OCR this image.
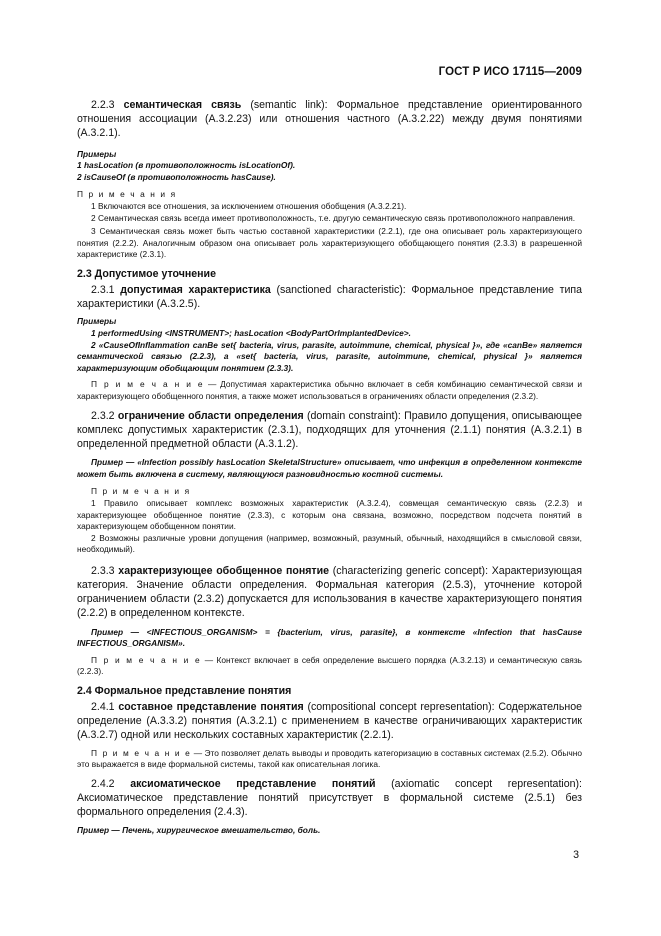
ГОСТ Р ИСО 17115—2009

2.2.3 семантическая связь (semantic link): Формальное представление ориентированного отношения ассоциации (A.3.2.23) или отношения частного (A.3.2.22) между двумя понятиями (A.3.2.1).

Примеры

1 hasLocation (в противоположность isLocationOf).

2 isCauseOf (в противоположность hasCause).

П р и м е ч а н и я

1 Включаются все отношения, за исключением отношения обобщения (A.3.2.21).

2 Семантическая связь всегда имеет противоположность, т.е. другую семантическую связь противоположного направления.

3 Семантическая связь может быть частью составной характеристики (2.2.1), где она описывает роль характеризующего понятия (2.2.2). Аналогичным образом она описывает роль характеризующего обобщающего понятия (2.3.3) в разрешенной характеристике (2.3.1).

2.3 Допустимое уточнение

2.3.1 допустимая характеристика (sanctioned characteristic): Формальное представление типа характеристики (A.3.2.5).

Примеры

1 performedUsing <INSTRUMENT>; hasLocation <BodyPartOrImplantedDevice>.

2 «CauseOfInflammation canBe set{ bacteria, virus, parasite, autoimmune, chemical, physical }», где «canBe» является семантической связью (2.2.3), а «set{ bacteria, virus, parasite, autoimmune, chemical, physical }» является характеризующим обобщающим понятием (2.3.3).

П р и м е ч а н и е — Допустимая характеристика обычно включает в себя комбинацию семантической связи и характеризующего обобщенного понятия, а также может использоваться в ограничениях области определения (2.3.2).

2.3.2 ограничение области определения (domain constraint): Правило допущения, описывающее комплекс допустимых характеристик (2.3.1), подходящих для уточнения (2.1.1) понятия (A.3.2.1) в определенной предметной области (A.3.1.2).

Пример — «Infection possibly hasLocation SkeletalStructure» описывает, что инфекция в определенном контексте может быть включена в систему, являющуюся разновидностью костной системы.

П р и м е ч а н и я

1 Правило описывает комплекс возможных характеристик (A.3.2.4), совмещая семантическую связь (2.2.3) и характеризующее обобщенное понятие (2.3.3), с которым она связана, возможно, посредством подсчета понятий в характеризующем обобщенном понятии.

2 Возможны различные уровни допущения (например, возможный, разумный, обычный, находящийся в смысловой связи, необходимый).

2.3.3 характеризующее обобщенное понятие (characterizing generic concept): Характеризующая категория. Значение области определения. Формальная категория (2.5.3), уточнение которой ограничением области (2.3.2) допускается для использования в качестве характеризующего понятия (2.2.2) в определенном контексте.

Пример — <INFECTIOUS_ORGANISM> = {bacterium, virus, parasite}, в контексте «Infection that hasCause INFECTIOUS_ORGANISM».

П р и м е ч а н и е — Контекст включает в себя определение высшего порядка (A.3.2.13) и семантическую связь (2.2.3).

2.4 Формальное представление понятия

2.4.1 составное представление понятия (compositional concept representation): Содержательное определение (A.3.3.2) понятия (A.3.2.1) с применением в качестве ограничивающих характеристик (A.3.2.7) одной или нескольких составных характеристик (2.2.1).

П р и м е ч а н и е — Это позволяет делать выводы и проводить категоризацию в составных системах (2.5.2). Обычно это выражается в виде формальной системы, такой как описательная логика.

2.4.2 аксиоматическое представление понятий (axiomatic concept representation): Аксиоматическое представление понятий присутствует в формальной системе (2.5.1) без формального определения (2.4.3).

Пример — Печень, хирургическое вмешательство, боль.

3
